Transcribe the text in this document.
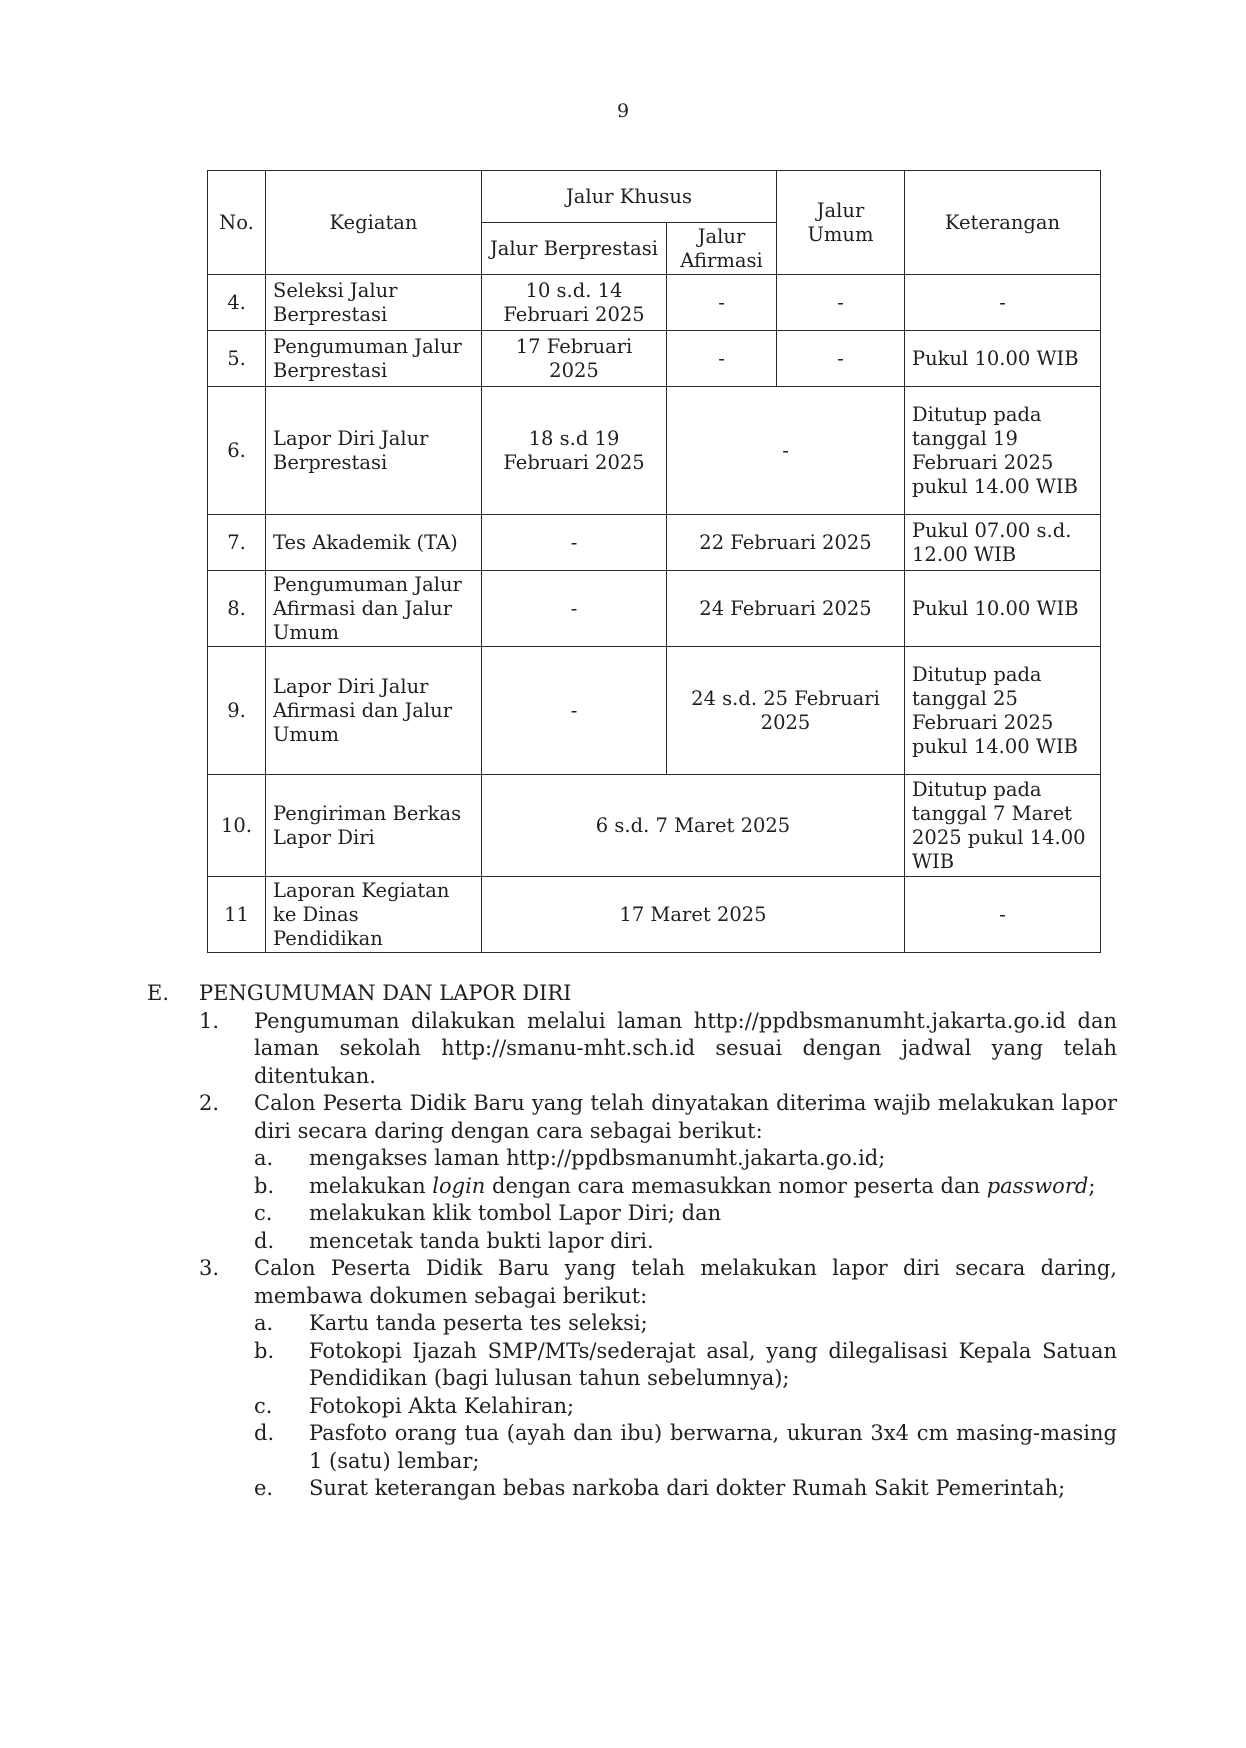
9
No.	Kegiatan	Jalur Khusus		Jalur Umum	Keterangan
		Jalur Berprestasi	Jalur Afirmasi		
4.	Seleksi Jalur Berprestasi	10 s.d. 14 Februari 2025	-	-	-
5.	Pengumuman Jalur Berprestasi	17 Februari 2025	-	-	Pukul 10.00 WIB
6.	Lapor Diri Jalur Berprestasi	18 s.d 19 Februari 2025	-		Ditutup pada tanggal 19 Februari 2025 pukul 14.00 WIB
7.	Tes Akademik (TA)	-	22 Februari 2025		Pukul 07.00 s.d. 12.00 WIB
8.	Pengumuman Jalur Afirmasi dan Jalur Umum	-	24 Februari 2025		Pukul 10.00 WIB
9.	Lapor Diri Jalur Afirmasi dan Jalur Umum	-	24 s.d. 25 Februari 2025		Ditutup pada tanggal 25 Februari 2025 pukul 14.00 WIB
10.	Pengiriman Berkas Lapor Diri	6 s.d. 7 Maret 2025			Ditutup pada tanggal 7 Maret 2025 pukul 14.00 WIB
11	Laporan Kegiatan ke Dinas Pendidikan	17 Maret 2025			-
E.	PENGUMUMAN DAN LAPOR DIRI
1.	Pengumuman dilakukan melalui laman http://ppdbsmanumht.jakarta.go.id dan laman sekolah http://smanu-mht.sch.id sesuai dengan jadwal yang telah ditentukan.
2.	Calon Peserta Didik Baru yang telah dinyatakan diterima wajib melakukan lapor diri secara daring dengan cara sebagai berikut:
a.	mengakses laman http://ppdbsmanumht.jakarta.go.id;
b.	melakukan login dengan cara memasukkan nomor peserta dan password;
c.	melakukan klik tombol Lapor Diri; dan
d.	mencetak tanda bukti lapor diri.
3.	Calon Peserta Didik Baru yang telah melakukan lapor diri secara daring, membawa dokumen sebagai berikut:
a.	Kartu tanda peserta tes seleksi;
b.	Fotokopi Ijazah SMP/MTs/sederajat asal, yang dilegalisasi Kepala Satuan Pendidikan (bagi lulusan tahun sebelumnya);
c.	Fotokopi Akta Kelahiran;
d.	Pasfoto orang tua (ayah dan ibu) berwarna, ukuran 3x4 cm masing-masing 1 (satu) lembar;
e.	Surat keterangan bebas narkoba dari dokter Rumah Sakit Pemerintah;
